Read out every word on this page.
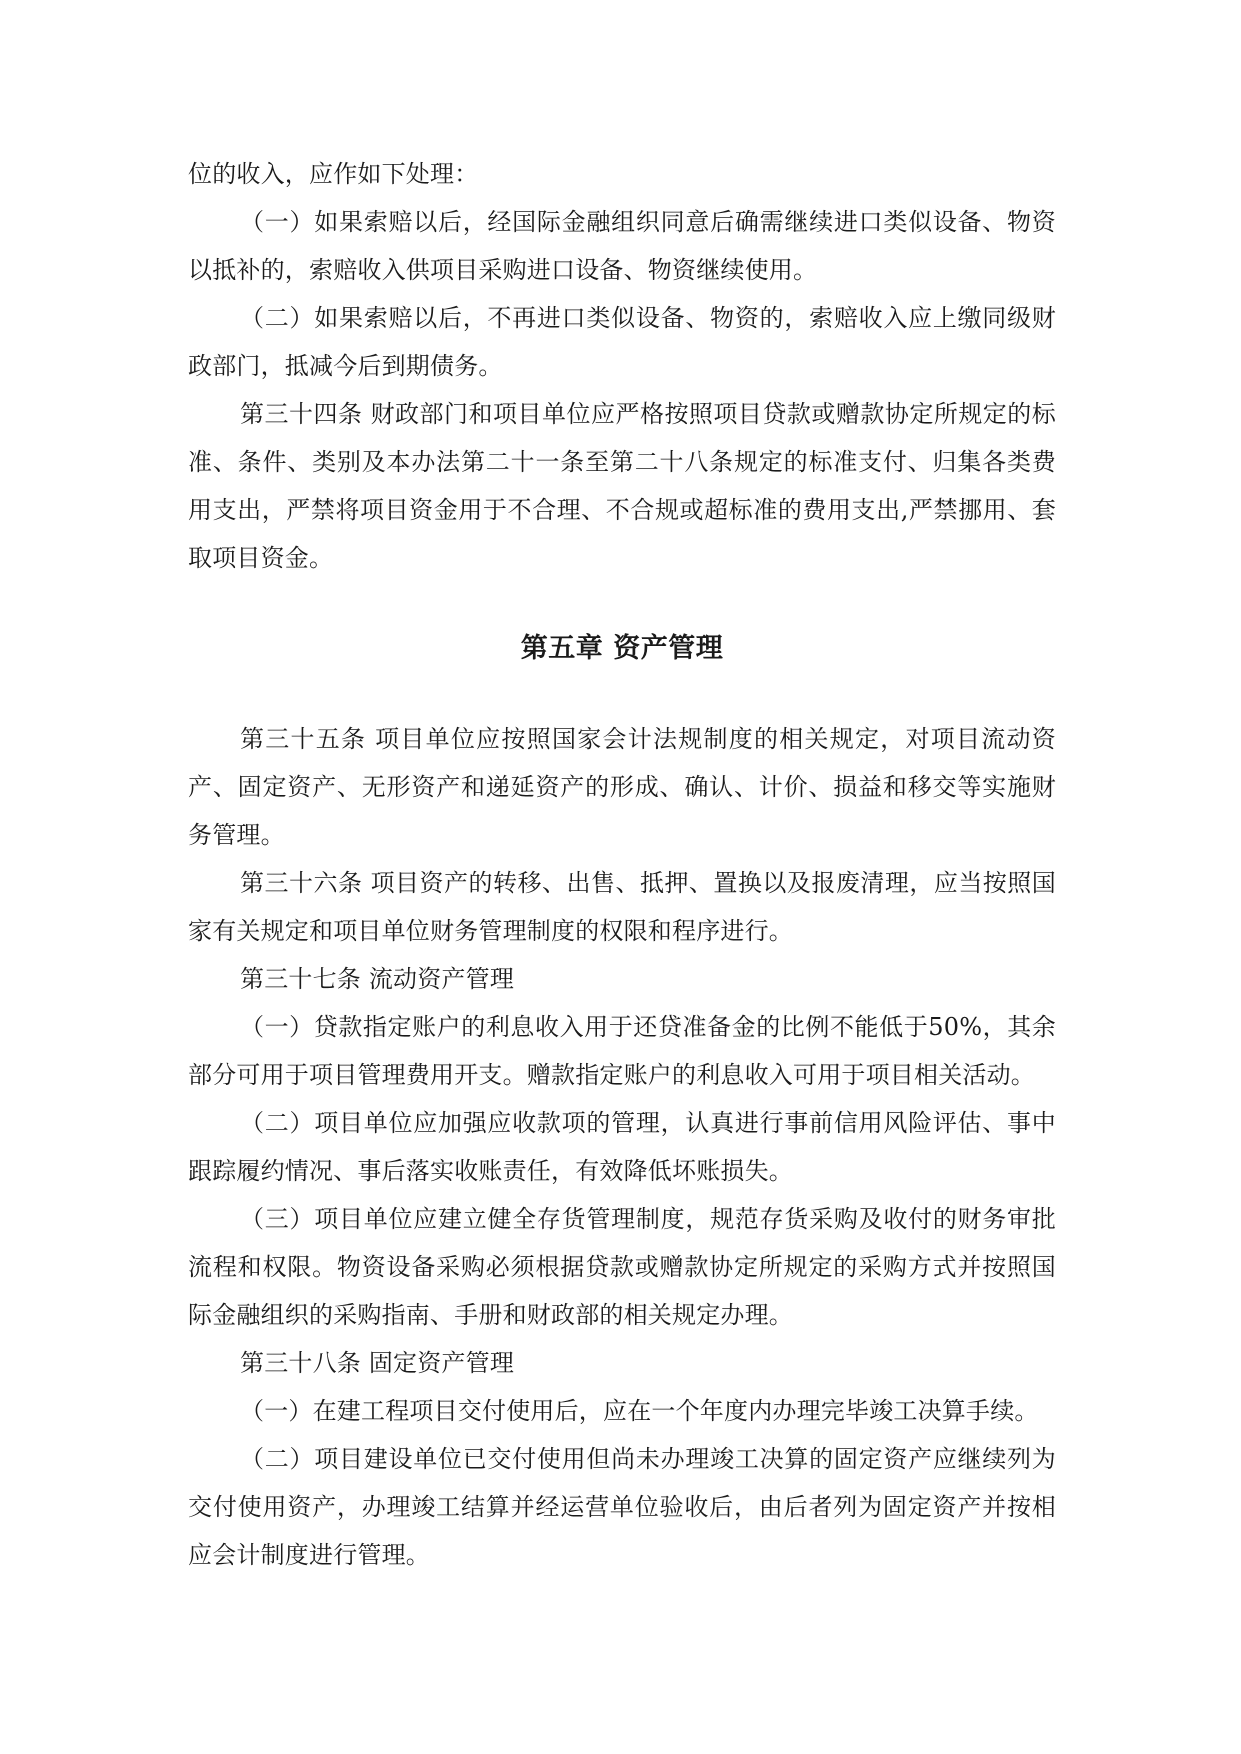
位的收入，应作如下处理：

（一）如果索赔以后，经国际金融组织同意后确需继续进口类似设备、物资以抵补的，索赔收入供项目采购进口设备、物资继续使用。

（二）如果索赔以后，不再进口类似设备、物资的，索赔收入应上缴同级财政部门，抵减今后到期债务。

第三十四条 财政部门和项目单位应严格按照项目贷款或赠款协定所规定的标准、条件、类别及本办法第二十一条至第二十八条规定的标准支付、归集各类费用支出，严禁将项目资金用于不合理、不合规或超标准的费用支出,严禁挪用、套取项目资金。

第五章 资产管理

第三十五条 项目单位应按照国家会计法规制度的相关规定，对项目流动资产、固定资产、无形资产和递延资产的形成、确认、计价、损益和移交等实施财务管理。

第三十六条 项目资产的转移、出售、抵押、置换以及报废清理，应当按照国家有关规定和项目单位财务管理制度的权限和程序进行。

第三十七条 流动资产管理

（一）贷款指定账户的利息收入用于还贷准备金的比例不能低于50%，其余部分可用于项目管理费用开支。赠款指定账户的利息收入可用于项目相关活动。

（二）项目单位应加强应收款项的管理，认真进行事前信用风险评估、事中跟踪履约情况、事后落实收账责任，有效降低坏账损失。

（三）项目单位应建立健全存货管理制度，规范存货采购及收付的财务审批流程和权限。物资设备采购必须根据贷款或赠款协定所规定的采购方式并按照国际金融组织的采购指南、手册和财政部的相关规定办理。

第三十八条 固定资产管理

（一）在建工程项目交付使用后，应在一个年度内办理完毕竣工决算手续。

（二）项目建设单位已交付使用但尚未办理竣工决算的固定资产应继续列为交付使用资产，办理竣工结算并经运营单位验收后，由后者列为固定资产并按相应会计制度进行管理。
